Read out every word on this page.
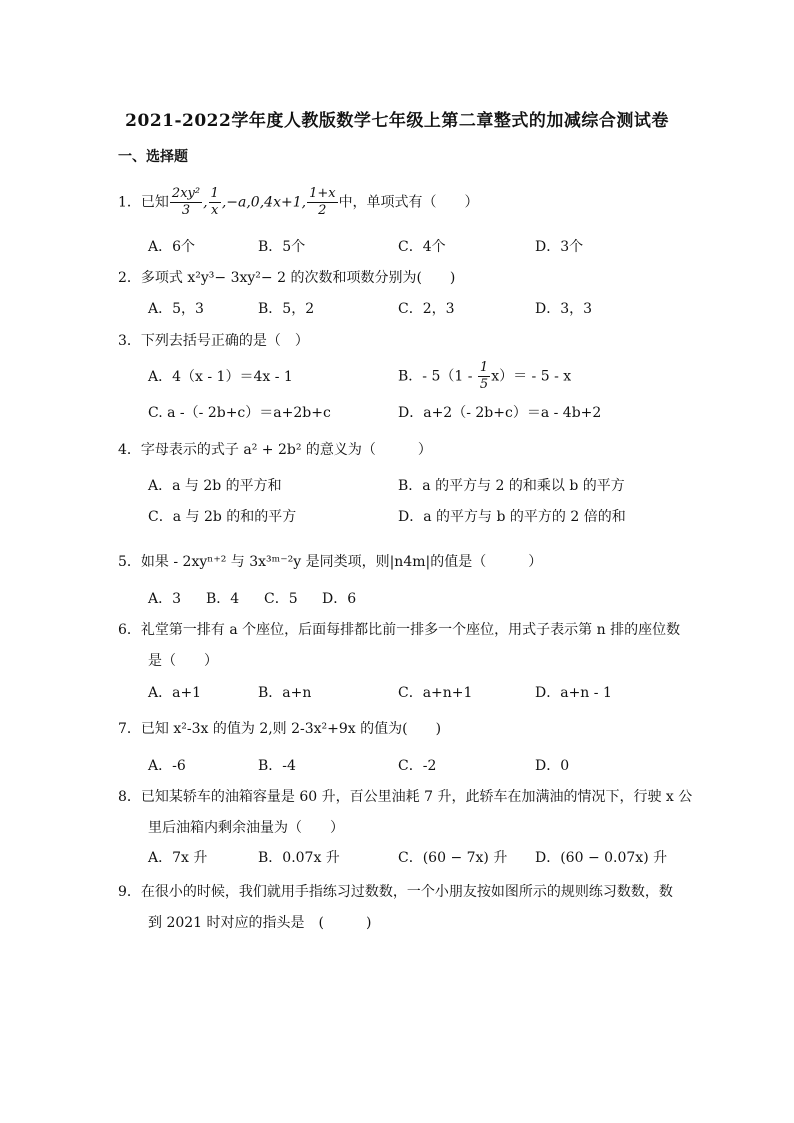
2021-2022学年度人教版数学七年级上第二章整式的加减综合测试卷
一、选择题
1．已知 $\frac{\text{2xy²}}{3}$ , $\frac{1}{x} ,-a,0,4x+1$, $\frac{1+x}{2}$ 中，单项式有（　　）
A．6个	B．5个	C．4个	D．3个
2．多项式 x²y³− 3xy²− 2 的次数和项数分别为(　　)
A．5，3	B．5，2	C．2，3	D．3，3
3．下列去括号正确的是（　）
A．4（x - 1）＝4x - 1	B．- $5(1 - \frac{1}{5} x)= - 5 - x$
C. a -（- 2b+c）＝a+2b+c	D．a+2（- 2b+c）＝a - 4b+2
4．字母表示的式子 a² + 2b² 的意义为（　　　）
A．a 与 2b 的平方和	B．a 的平方与 2 的和乘以 b 的平方
C．a 与 2b 的和的平方	D．a 的平方与 b 的平方的 2 倍的和
5．如果 - 2xyⁿ⁺² 与 3x³ᵐ⁻²y 是同类项，则|n4m|的值是（　　　）
A．3 B．4 C．5 D．6
6．礼堂第一排有 a 个座位，后面每排都比前一排多一个座位，用式子表示第 n 排的座位数
是（　　）
A．a+1	B．a+n	C．a+n+1	D．a+n - 1
7．已知 x²-3x 的值为 2,则 2-3x²+9x 的值为(　　)
A．-6	B．-4	C．-2	D．0
8．已知某轿车的油箱容量是 60 升，百公里油耗 7 升，此轿车在加满油的情况下，行驶 x 公
里后油箱内剩余油量为（　　）
A．7x 升	B．0.07x 升	C．(60 − 7x) 升 D．(60 − 0.07x) 升
9．在很小的时候，我们就用手指练习过数数，一个小朋友按如图所示的规则练习数数，数
到 2021 时对应的指头是　(　　　)
